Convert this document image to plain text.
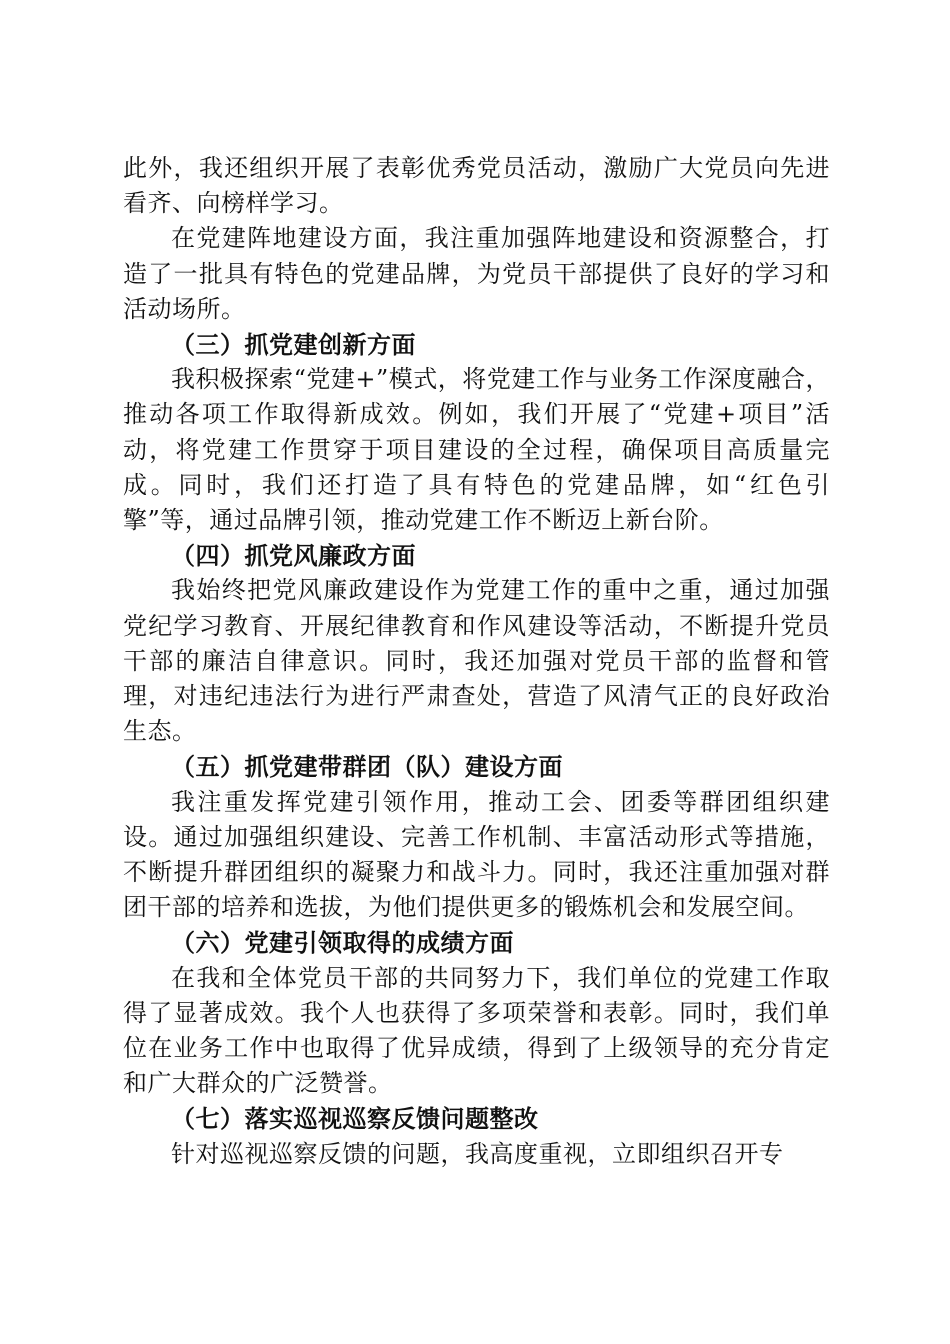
此外，我还组织开展了表彰优秀党员活动，激励广大党员向先进看齐、向榜样学习。

在党建阵地建设方面，我注重加强阵地建设和资源整合，打造了一批具有特色的党建品牌，为党员干部提供了良好的学习和活动场所。

（三）抓党建创新方面

我积极探索“党建+”模式，将党建工作与业务工作深度融合，推动各项工作取得新成效。例如，我们开展了“党建+项目”活动，将党建工作贯穿于项目建设的全过程，确保项目高质量完成。同时，我们还打造了具有特色的党建品牌，如“红色引擎”等，通过品牌引领，推动党建工作不断迈上新台阶。

（四）抓党风廉政方面

我始终把党风廉政建设作为党建工作的重中之重，通过加强党纪学习教育、开展纪律教育和作风建设等活动，不断提升党员干部的廉洁自律意识。同时，我还加强对党员干部的监督和管理，对违纪违法行为进行严肃查处，营造了风清气正的良好政治生态。

（五）抓党建带群团（队）建设方面

我注重发挥党建引领作用，推动工会、团委等群团组织建设。通过加强组织建设、完善工作机制、丰富活动形式等措施，不断提升群团组织的凝聚力和战斗力。同时，我还注重加强对群团干部的培养和选拔，为他们提供更多的锻炼机会和发展空间。

（六）党建引领取得的成绩方面

在我和全体党员干部的共同努力下，我们单位的党建工作取得了显著成效。我个人也获得了多项荣誉和表彰。同时，我们单位在业务工作中也取得了优异成绩，得到了上级领导的充分肯定和广大群众的广泛赞誉。

（七）落实巡视巡察反馈问题整改

针对巡视巡察反馈的问题，我高度重视，立即组织召开专
